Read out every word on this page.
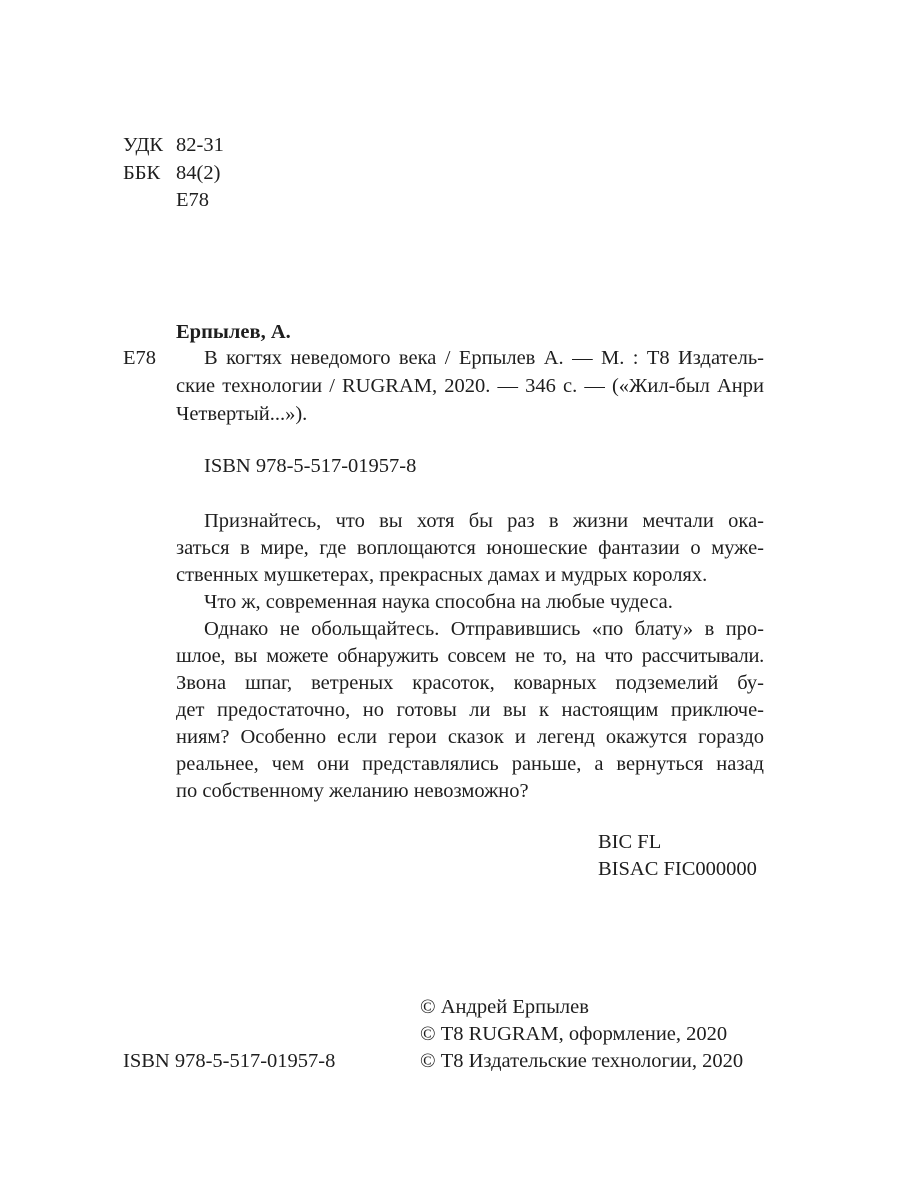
УДК 82-31
ББК 84(2)
Е78
Ерпылев, А.
Е78 В когтях неведомого века / Ерпылев А. — М. : Т8 Издатель-
ские технологии / RUGRAM, 2020. — 346 с. — («Жил-был Анри
Четвертый...»).
ISBN 978-5-517-01957-8
Признайтесь, что вы хотя бы раз в жизни мечтали ока-
заться в мире, где воплощаются юношеские фантазии о муже-
ственных мушкетерах, прекрасных дамах и мудрых королях.
Что ж, современная наука способна на любые чудеса.
Однако не обольщайтесь. Отправившись «по блату» в про-
шлое, вы можете обнаружить совсем не то, на что рассчитывали.
Звона шпаг, ветреных красоток, коварных подземелий бу-
дет предостаточно, но готовы ли вы к настоящим приключе-
ниям? Особенно если герои сказок и легенд окажутся гораздо
реальнее, чем они представлялись раньше, а вернуться назад
по собственному желанию невозможно?
BIC FL
BISAC FIC000000
© Андрей Ерпылев
© Т8 RUGRAM, оформление, 2020
ISBN 978-5-517-01957-8	© Т8 Издательские технологии, 2020
